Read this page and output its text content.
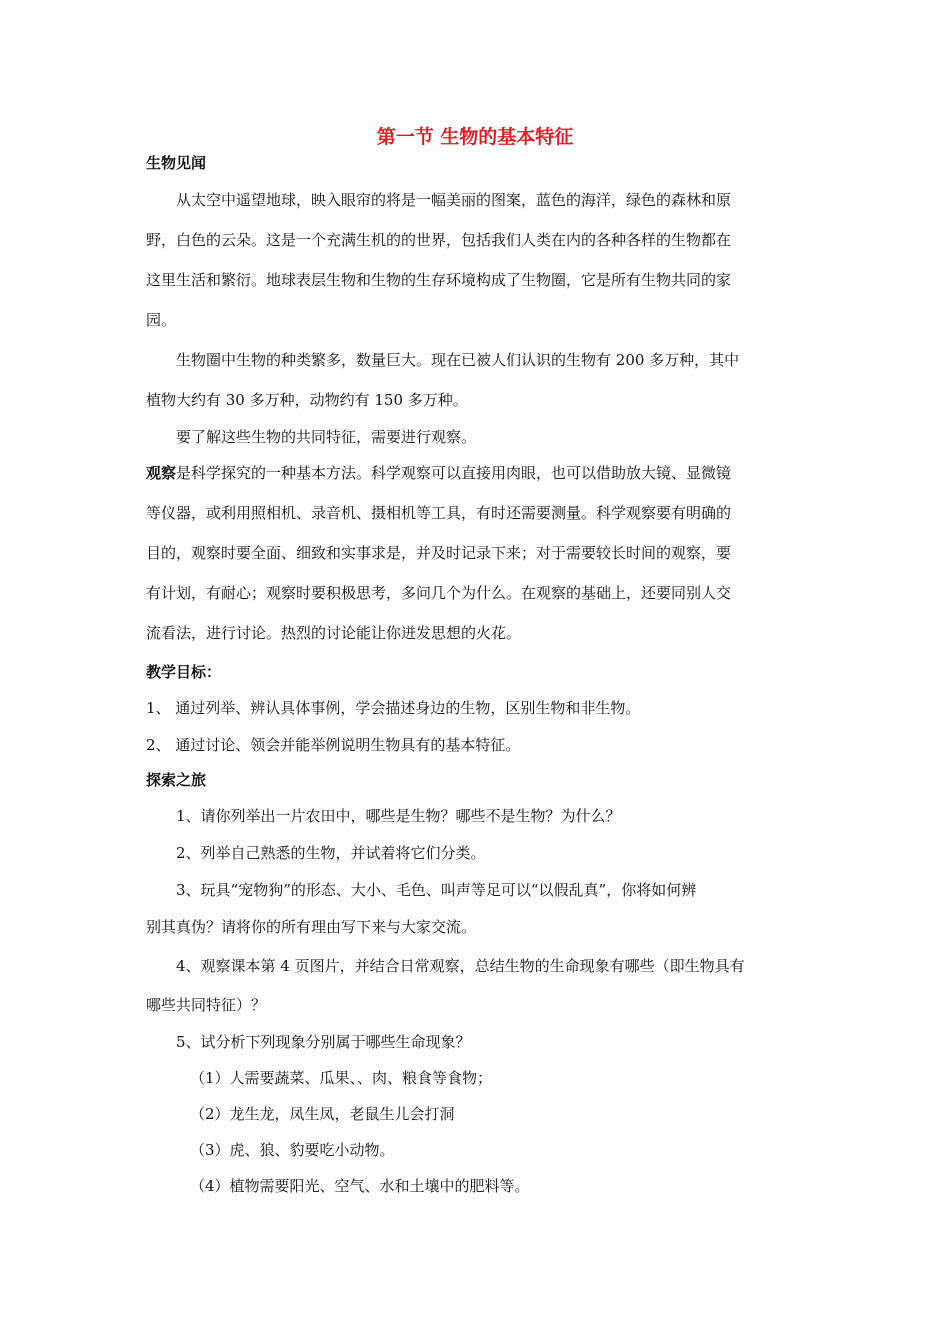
第一节 生物的基本特征
生物见闻
从太空中遥望地球，映入眼帘的将是一幅美丽的图案，蓝色的海洋，绿色的森林和原
野，白色的云朵。这是一个充满生机的的世界，包括我们人类在内的各种各样的生物都在
这里生活和繁衍。地球表层生物和生物的生存环境构成了生物圈，它是所有生物共同的家
园。
生物圈中生物的种类繁多，数量巨大。现在已被人们认识的生物有 200 多万种，其中
植物大约有 30 多万种，动物约有 150 多万种。
要了解这些生物的共同特征，需要进行观察。
观察是科学探究的一种基本方法。科学观察可以直接用肉眼，也可以借助放大镜、显微镜
等仪器，或利用照相机、录音机、摄相机等工具，有时还需要测量。科学观察要有明确的
目的，观察时要全面、细致和实事求是，并及时记录下来；对于需要较长时间的观察，要
有计划，有耐心；观察时要积极思考，多问几个为什么。在观察的基础上，还要同别人交
流看法，进行讨论。热烈的讨论能让你迸发思想的火花。
教学目标：
1、 通过列举、辨认具体事例，学会描述身边的生物，区别生物和非生物。
2、 通过讨论、领会并能举例说明生物具有的基本特征。
探索之旅
1、请你列举出一片农田中，哪些是生物？哪些不是生物？为什么？
2、列举自己熟悉的生物，并试着将它们分类。
3、玩具“宠物狗”的形态、大小、毛色、叫声等足可以“以假乱真”，你将如何辨
别其真伪？请将你的所有理由写下来与大家交流。
4、观察课本第 4 页图片，并结合日常观察，总结生物的生命现象有哪些（即生物具有
哪些共同特征）？
5、试分析下列现象分别属于哪些生命现象？
（1）人需要蔬菜、瓜果、、肉、粮食等食物；
（2）龙生龙，凤生凤，老鼠生儿会打洞
（3）虎、狼、豹要吃小动物。
（4）植物需要阳光、空气、水和土壤中的肥料等。
